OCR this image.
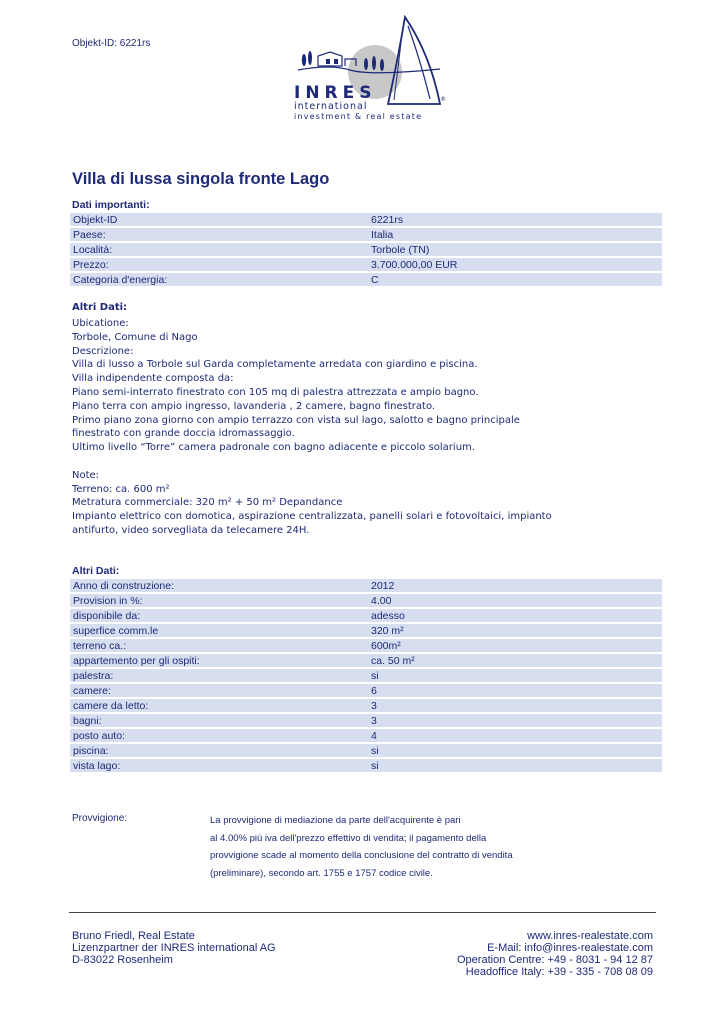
Objekt-ID: 6221rs
INRES
international
investment & real estate
®
Villa di lussa singola fronte Lago
Dati importanti:
Objekt-ID	6221rs
Paese:	Italia
Località:	Torbole (TN)
Prezzo:	3.700.000,00 EUR
Categoria d'energia:	C
Altri Dati:
Ubicatione:
Torbole, Comune di Nago
Descrizione:
Villa di lusso a Torbole sul Garda completamente arredata con giardino e piscina.
Villa indipendente composta da:
Piano semi-interrato finestrato con 105 mq di palestra attrezzata e ampio bagno.
Piano terra con ampio ingresso, lavanderia , 2 camere, bagno finestrato.
Primo piano zona giorno con ampio terrazzo con vista sul lago, salotto e bagno principale
finestrato con grande doccia idromassaggio.
Ultimo livello “Torre” camera padronale con bagno adiacente e piccolo solarium.
Note:
Terreno: ca. 600 m²
Metratura commerciale: 320 m² + 50 m² Depandance
Impianto elettrico con domotica, aspirazione centralizzata, panelli solari e fotovoltaici, impianto
antifurto, video sorvegliata da telecamere 24H.
Altri Dati:
Anno di construzione:	2012
Provision in %:	4.00
disponibile da:	adesso
superfice comm.le	320 m²
terreno ca.:	600m²
appartemento per gli ospiti:	ca. 50 m²
palestra:	si
camere:	6
camere da letto:	3
bagni:	3
posto auto:	4
piscina:	si
vista lago:	si
Provvigione:	La provvigione di mediazione da parte dell'acquirente è pari
al 4.00% più iva dell'prezzo effettivo di vendita; il pagamento della
provvigione scade al momento della conclusione del contratto di vendita
(preliminare), secondo art. 1755 e 1757 codice civile.
Bruno Friedl, Real Estate
Lizenzpartner der INRES international AG
D-83022 Rosenheim
www.inres-realestate.com
E-Mail: info@inres-realestate.com
Operation Centre: +49 - 8031 - 94 12 87
Headoffice Italy: +39 - 335 - 708 08 09
